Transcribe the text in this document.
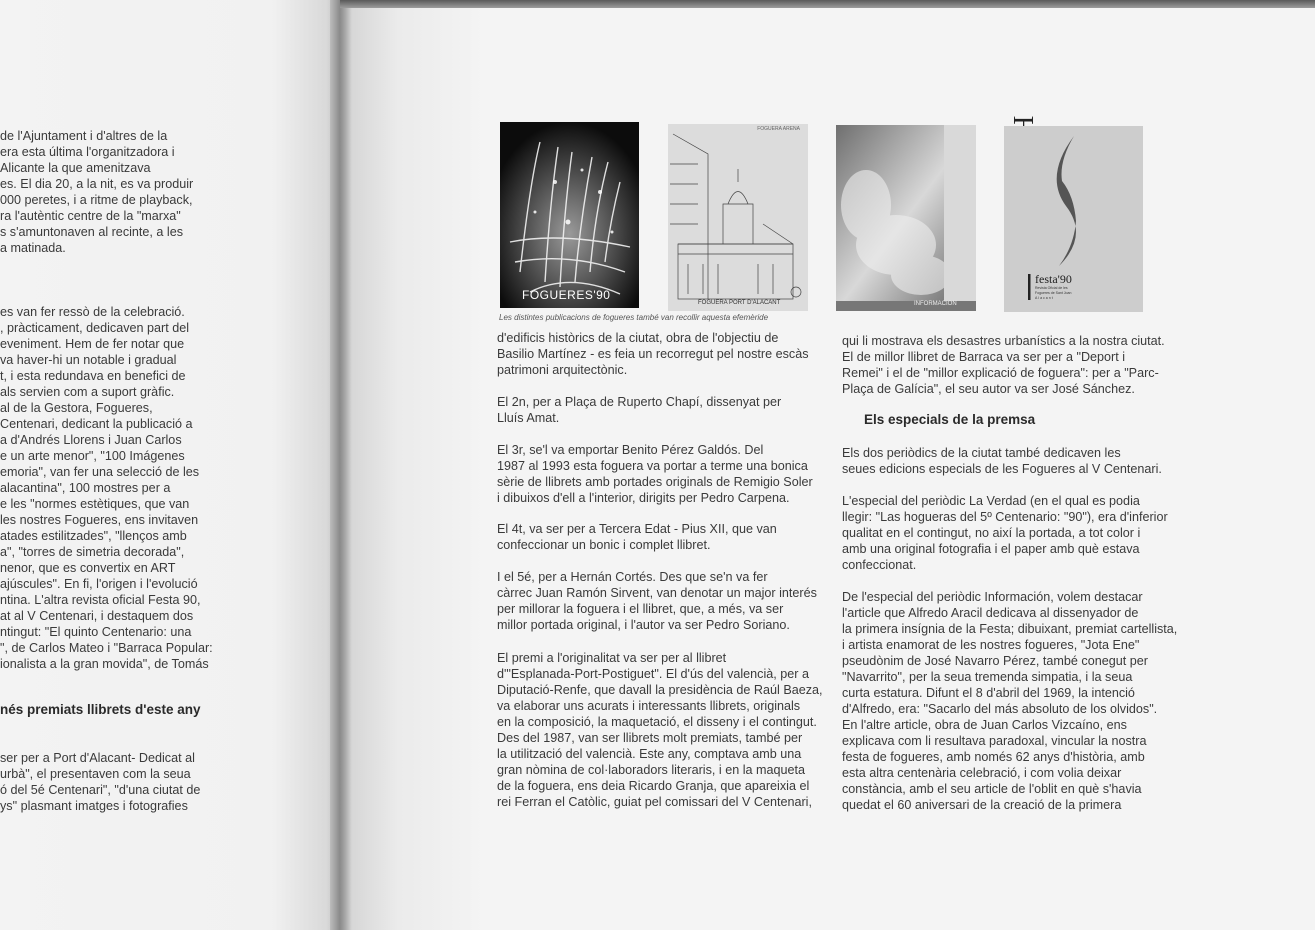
de l'Ajuntament i d'altres de la
era esta última l'organitzadora i
Alicante la que amenitzava
es. El dia 20, a la nit, es va produir
000 peretes, i a ritme de playback,
ra l'autèntic centre de la "marxa"
s s'amuntonaven al recinte, a les
a matinada.
es van fer ressò de la celebració.
, pràcticament, dedicaven part del
eveniment. Hem de fer notar que
va haver-hi un notable i gradual
t, i esta redundava en benefici de
als servien com a suport gràfic.
al de la Gestora, Fogueres,
Centenari, dedicant la publicació a
a d'Andrés Llorens i Juan Carlos
e un arte menor", "100 Imágenes
emoria", van fer una selecció de les
alacantina", 100 mostres per a
e les "normes estètiques, que van
les nostres Fogueres, ens invitaven
atades estilitzades", "llenços amb
a", "torres de simetria decorada",
nenor, que es convertix en ART
ajúscules". En fi, l'origen i l'evolució
ntina. L'altra revista oficial Festa 90,
at al V Centenari, i destaquem dos
ntingut: "El quinto Centenario: una
", de Carlos Mateo i "Barraca Popular:
ionalista a la gran movida", de Tomás
nés premiats llibrets d'este any
ser per a Port d'Alacant- Dedicat al
urbà", el presentaven com la seua
ó del 5é Centenari", "d'una ciutat de
ys" plasmant imatges i fotografies
FOGUERES'90
FOGUERA ARENA
FOGUERA PORT D'ALACANT	INFORMACION
festa'90
Revista Oficial de les
Fogueres de Sant Joan
Alacant
Les distintes publicacions de fogueres també van recollir aquesta efemèride
d'edificis històrics de la ciutat, obra de l'objectiu de
Basilio Martínez - es feia un recorregut pel nostre escàs
patrimoni arquitectònic.
El 2n, per a Plaça de Ruperto Chapí, dissenyat per
Lluís Amat.
El 3r, se'l va emportar Benito Pérez Galdós. Del
1987 al 1993 esta foguera va portar a terme una bonica
sèrie de llibrets amb portades originals de Remigio Soler
i dibuixos d'ell a l'interior, dirigits per Pedro Carpena.
El 4t, va ser per a Tercera Edat - Pius XII, que van
confeccionar un bonic i complet llibret.
I el 5é, per a Hernán Cortés. Des que se'n va fer
càrrec Juan Ramón Sirvent, van denotar un major interés
per millorar la foguera i el llibret, que, a més, va ser
millor portada original, i l'autor va ser Pedro Soriano.
El premi a l'originalitat va ser per al llibret
d'"Esplanada-Port-Postiguet". El d'ús del valencià, per a
Diputació-Renfe, que davall la presidència de Raúl Baeza,
va elaborar uns acurats i interessants llibrets, originals
en la composició, la maquetació, el disseny i el contingut.
Des del 1987, van ser llibrets molt premiats, també per
la utilització del valencià. Este any, comptava amb una
gran nòmina de col·laboradors literaris, i en la maqueta
de la foguera, ens deia Ricardo Granja, que apareixia el
rei Ferran el Catòlic, guiat pel comissari del V Centenari,
qui li mostrava els desastres urbanístics a la nostra ciutat.
El de millor llibret de Barraca va ser per a "Deport i
Remei" i el de "millor explicació de foguera": per a "Parc-
Plaça de Galícia", el seu autor va ser José Sánchez.
Els especials de la premsa
Els dos periòdics de la ciutat també dedicaven les
seues edicions especials de les Fogueres al V Centenari.
L'especial del periòdic La Verdad (en el qual es podia
llegir: "Las hogueras del 5º Centenario: "90"), era d'inferior
qualitat en el contingut, no així la portada, a tot color i
amb una original fotografia i el paper amb què estava
confeccionat.
De l'especial del periòdic Información, volem destacar
l'article que Alfredo Aracil dedicava al dissenyador de
la primera insígnia de la Festa; dibuixant, premiat cartellista,
i artista enamorat de les nostres fogueres, "Jota Ene"
pseudònim de José Navarro Pérez, també conegut per
"Navarrito", per la seua tremenda simpatia, i la seua
curta estatura. Difunt el 8 d'abril del 1969, la intenció
d'Alfredo, era: "Sacarlo del más absoluto de los olvidos".
En l'altre article, obra de Juan Carlos Vizcaíno, ens
explicava com li resultava paradoxal, vincular la nostra
festa de fogueres, amb només 62 anys d'història, amb
esta altra centenària celebració, i com volia deixar
constància, amb el seu article de l'oblit en què s'havia
quedat el 60 aniversari de la creació de la primera
